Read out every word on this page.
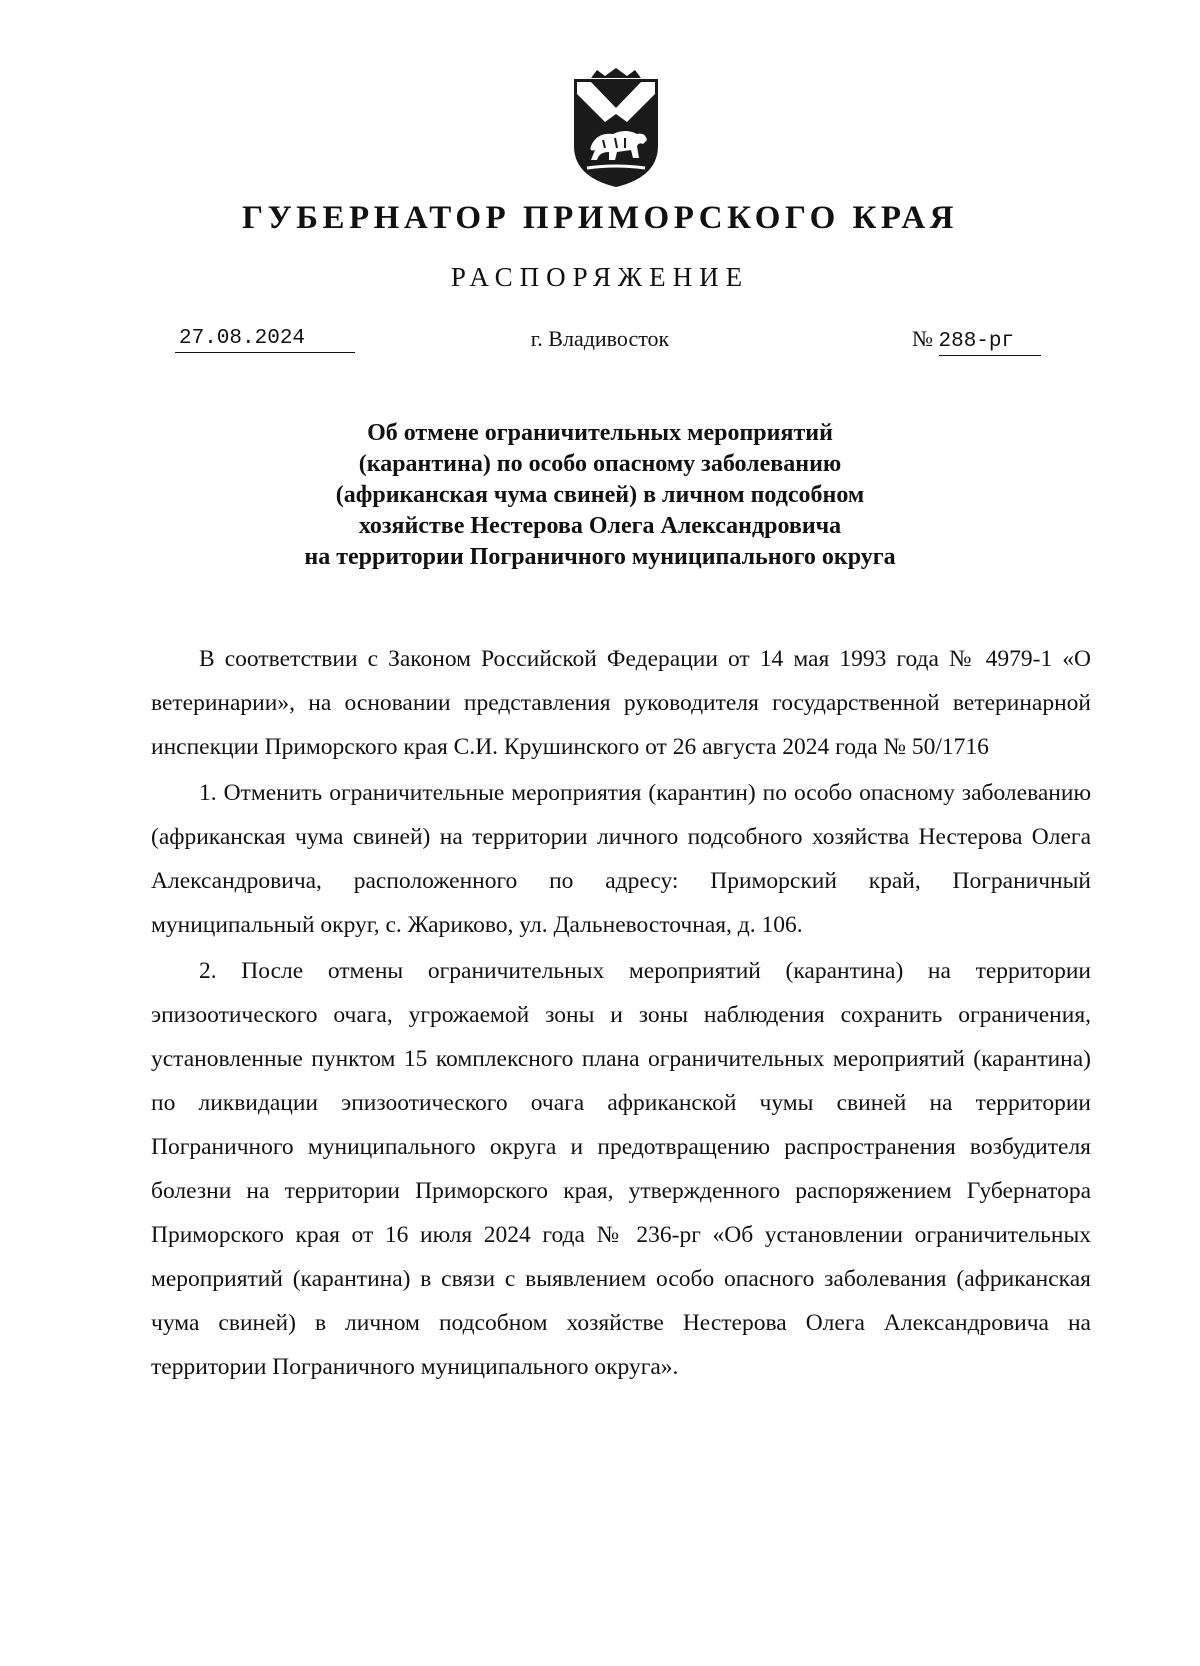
ГУБЕРНАТОР ПРИМОРСКОГО КРАЯ
РАСПОРЯЖЕНИЕ
27.08.2024	г. Владивосток	№ 288-рг
Об отмене ограничительных мероприятий
(карантина) по особо опасному заболеванию
(африканская чума свиней) в личном подсобном
хозяйстве Нестерова Олега Александровича
на территории Пограничного муниципального округа

В соответствии с Законом Российской Федерации от 14 мая 1993 года № 4979-1 «О ветеринарии», на основании представления руководителя государственной ветеринарной инспекции Приморского края С.И. Крушинского от 26 августа 2024 года № 50/1716

1. Отменить ограничительные мероприятия (карантин) по особо опасному заболеванию (африканская чума свиней) на территории личного подсобного хозяйства Нестерова Олега Александровича, расположенного по адресу: Приморский край, Пограничный муниципальный округ, с. Жариково, ул. Дальневосточная, д. 106.

2. После отмены ограничительных мероприятий (карантина) на территории эпизоотического очага, угрожаемой зоны и зоны наблюдения сохранить ограничения, установленные пунктом 15 комплексного плана ограничительных мероприятий (карантина) по ликвидации эпизоотического очага африканской чумы свиней на территории Пограничного муниципального округа и предотвращению распространения возбудителя болезни на территории Приморского края, утвержденного распоряжением Губернатора Приморского края от 16 июля 2024 года № 236-рг «Об установлении ограничительных мероприятий (карантина) в связи с выявлением особо опасного заболевания (африканская чума свиней) в личном подсобном хозяйстве Нестерова Олега Александровича на территории Пограничного муниципального округа».
